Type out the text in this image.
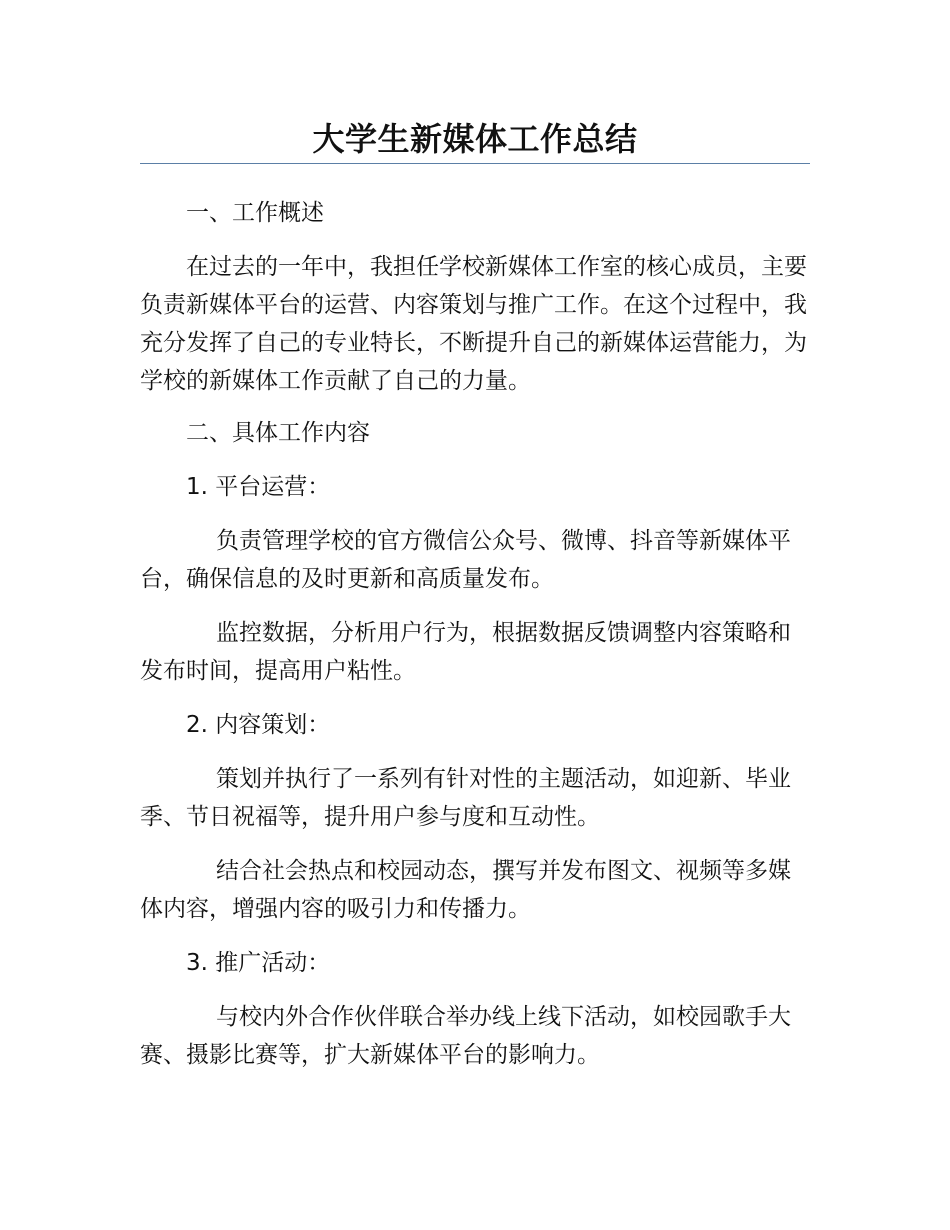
大学生新媒体工作总结

一、工作概述

在过去的一年中，我担任学校新媒体工作室的核心成员，主要负责新媒体平台的运营、内容策划与推广工作。在这个过程中，我充分发挥了自己的专业特长，不断提升自己的新媒体运营能力，为学校的新媒体工作贡献了自己的力量。

二、具体工作内容

1. 平台运营：

负责管理学校的官方微信公众号、微博、抖音等新媒体平台，确保信息的及时更新和高质量发布。

监控数据，分析用户行为，根据数据反馈调整内容策略和发布时间，提高用户粘性。

2. 内容策划：

策划并执行了一系列有针对性的主题活动，如迎新、毕业季、节日祝福等，提升用户参与度和互动性。

结合社会热点和校园动态，撰写并发布图文、视频等多媒体内容，增强内容的吸引力和传播力。

3. 推广活动：

与校内外合作伙伴联合举办线上线下活动，如校园歌手大赛、摄影比赛等，扩大新媒体平台的影响力。
